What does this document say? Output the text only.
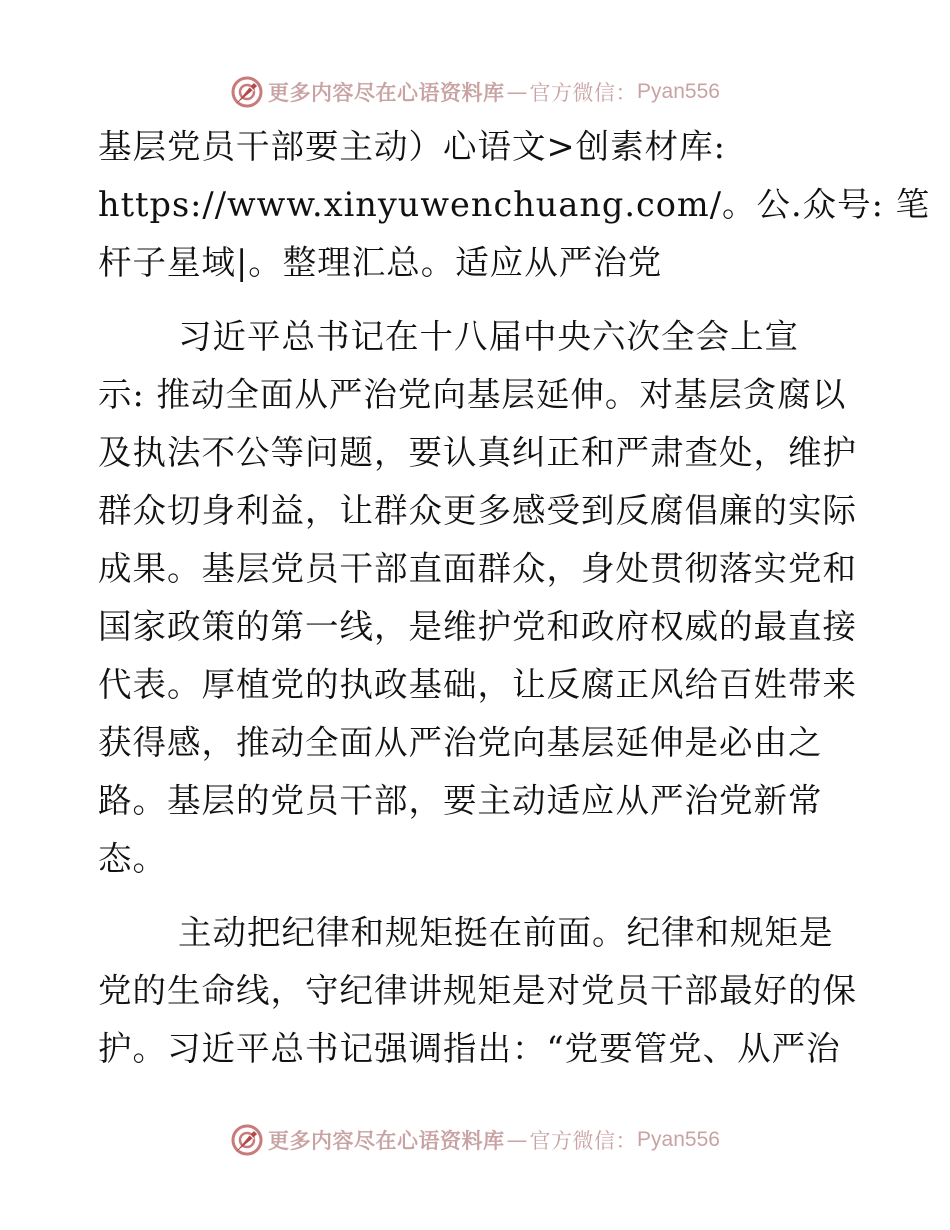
更多内容尽在心语资料库 — 官方微信： Pyan556

基层党员干部要主动）心语文>创素材库:
https://www.xinyuwenchuang.com/。公.众号: 笔
杆子星域|。整理汇总。适应从严治党

习近平总书记在十八届中央六次全会上宣
示: 推动全面从严治党向基层延伸。对基层贪腐以
及执法不公等问题，要认真纠正和严肃查处，维护
群众切身利益，让群众更多感受到反腐倡廉的实际
成果。基层党员干部直面群众，身处贯彻落实党和
国家政策的第一线，是维护党和政府权威的最直接
代表。厚植党的执政基础，让反腐正风给百姓带来
获得感，推动全面从严治党向基层延伸是必由之
路。基层的党员干部，要主动适应从严治党新常
态。

主动把纪律和规矩挺在前面。纪律和规矩是
党的生命线，守纪律讲规矩是对党员干部最好的保
护。习近平总书记强调指出：“党要管党、从严治

更多内容尽在心语资料库 — 官方微信： Pyan556
